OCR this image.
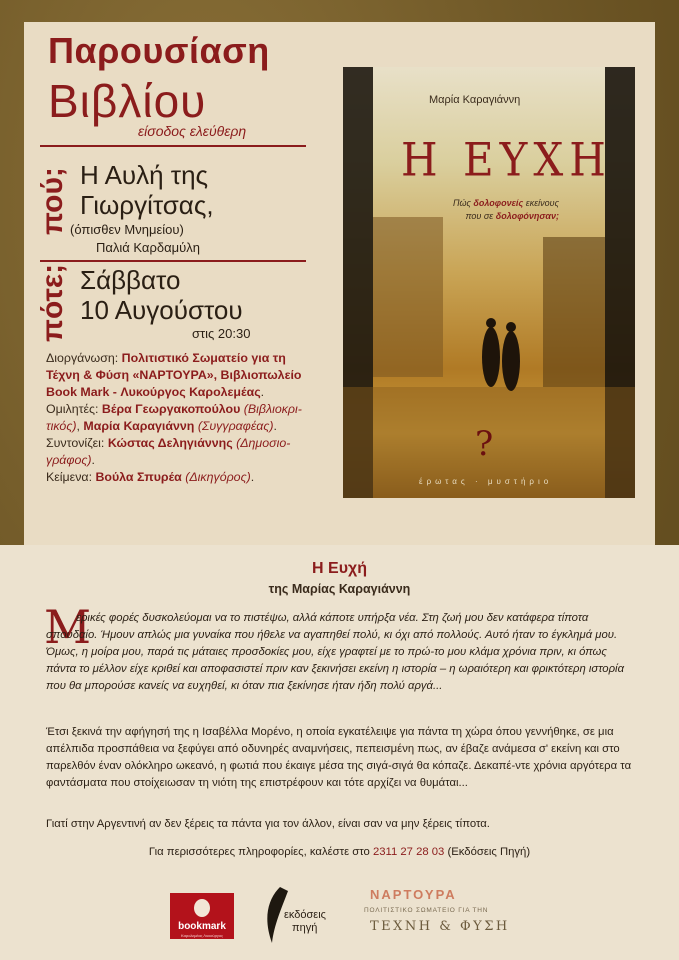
Παρουσίαση
Βιβλίου
είσοδος ελεύθερη
πού; Η Αυλή της
Γιωργίτσας,
(όπισθεν Μνημείου)
Παλιά Καρδαμύλη
πότε; Σάββατο
10 Αυγούστου
στις 20:30
Διοργάνωση: Πολιτιστικό Σωματείο για τη Τέχνη & Φύση «ΝΑΡΤΟΥΡΑ», Βιβλιοπωλείο Book Mark - Λυκούργος Καρολεμέας.
Ομιλητές: Βέρα Γεωργακοπούλου (Βιβλιοκρι-τικός), Μαρία Καραγιάννη (Συγγραφέας).
Συντονίζει: Κώστας Δεληγιάννης (Δημοσιο-γράφος).
Κείμενα: Βούλα Σπυρέα (Δικηγόρος).
Μαρία Καραγιάννη
Η ΕΥΧΗ
Πώς δολοφονείς εκείνους
που σε δολοφόνησαν;
?
έρωτας · μυστήριο
Η Ευχή
της Μαρίας Καραγιάννη
Μ
ερικές φορές δυσκολεύομαι να το πιστέψω, αλλά κάποτε υπήρξα νέα. Στη ζωή μου δεν κατάφερα τίποτα σπουδαίο. Ήμουν απλώς μια γυναίκα που ήθελε να αγαπηθεί πολύ, κι όχι από πολλούς. Αυτό ήταν το έγκλημά μου. Όμως, η μοίρα μου, παρά τις μάταιες προσδοκίες μου, είχε γραφτεί με το πρώ-το μου κλάμα χρόνια πριν, κι όπως πάντα το μέλλον είχε κριθεί και αποφασιστεί πριν καν ξεκινήσει εκείνη η ιστορία – η ωραιότερη και φρικτότερη ιστορία που θα μπορούσε κανείς να ευχηθεί, κι όταν πια ξεκίνησε ήταν ήδη πολύ αργά...
Έτσι ξεκινά την αφήγησή της η Ισαβέλλα Μορένο, η οποία εγκατέλειψε για πάντα τη χώρα όπου γεννήθηκε, σε μια απέλπιδα προσπάθεια να ξεφύγει από οδυνηρές αναμνήσεις, πεπεισμένη πως, αν έβαζε ανάμεσα σ' εκείνη και στο παρελθόν έναν ολόκληρο ωκεανό, η φωτιά που έκαιγε μέσα της σιγά-σιγά θα κόπαζε. Δεκαπέ-ντε χρόνια αργότερα τα φαντάσματα που στοίχειωσαν τη νιότη της επιστρέφουν και τότε αρχίζει να θυμάται...
Γιατί στην Αργεντινή αν δεν ξέρεις τα πάντα για τον άλλον, είναι σαν να μην ξέρεις τίποτα.
Για περισσότερες πληροφορίες, καλέστε στο 2311 27 28 03 (Εκδόσεις Πηγή)
bookmark
Καρολεμέας Λυκούργος
εκδόσεις
πηγή
ΝΑΡΤΟΥΡΑ
ΠΟΛΙΤΙΣΤΙΚΟ ΣΩΜΑΤΕΙΟ ΓΙΑ ΤΗΝ
ΤΕΧΝΗ & ΦΥΣΗ
